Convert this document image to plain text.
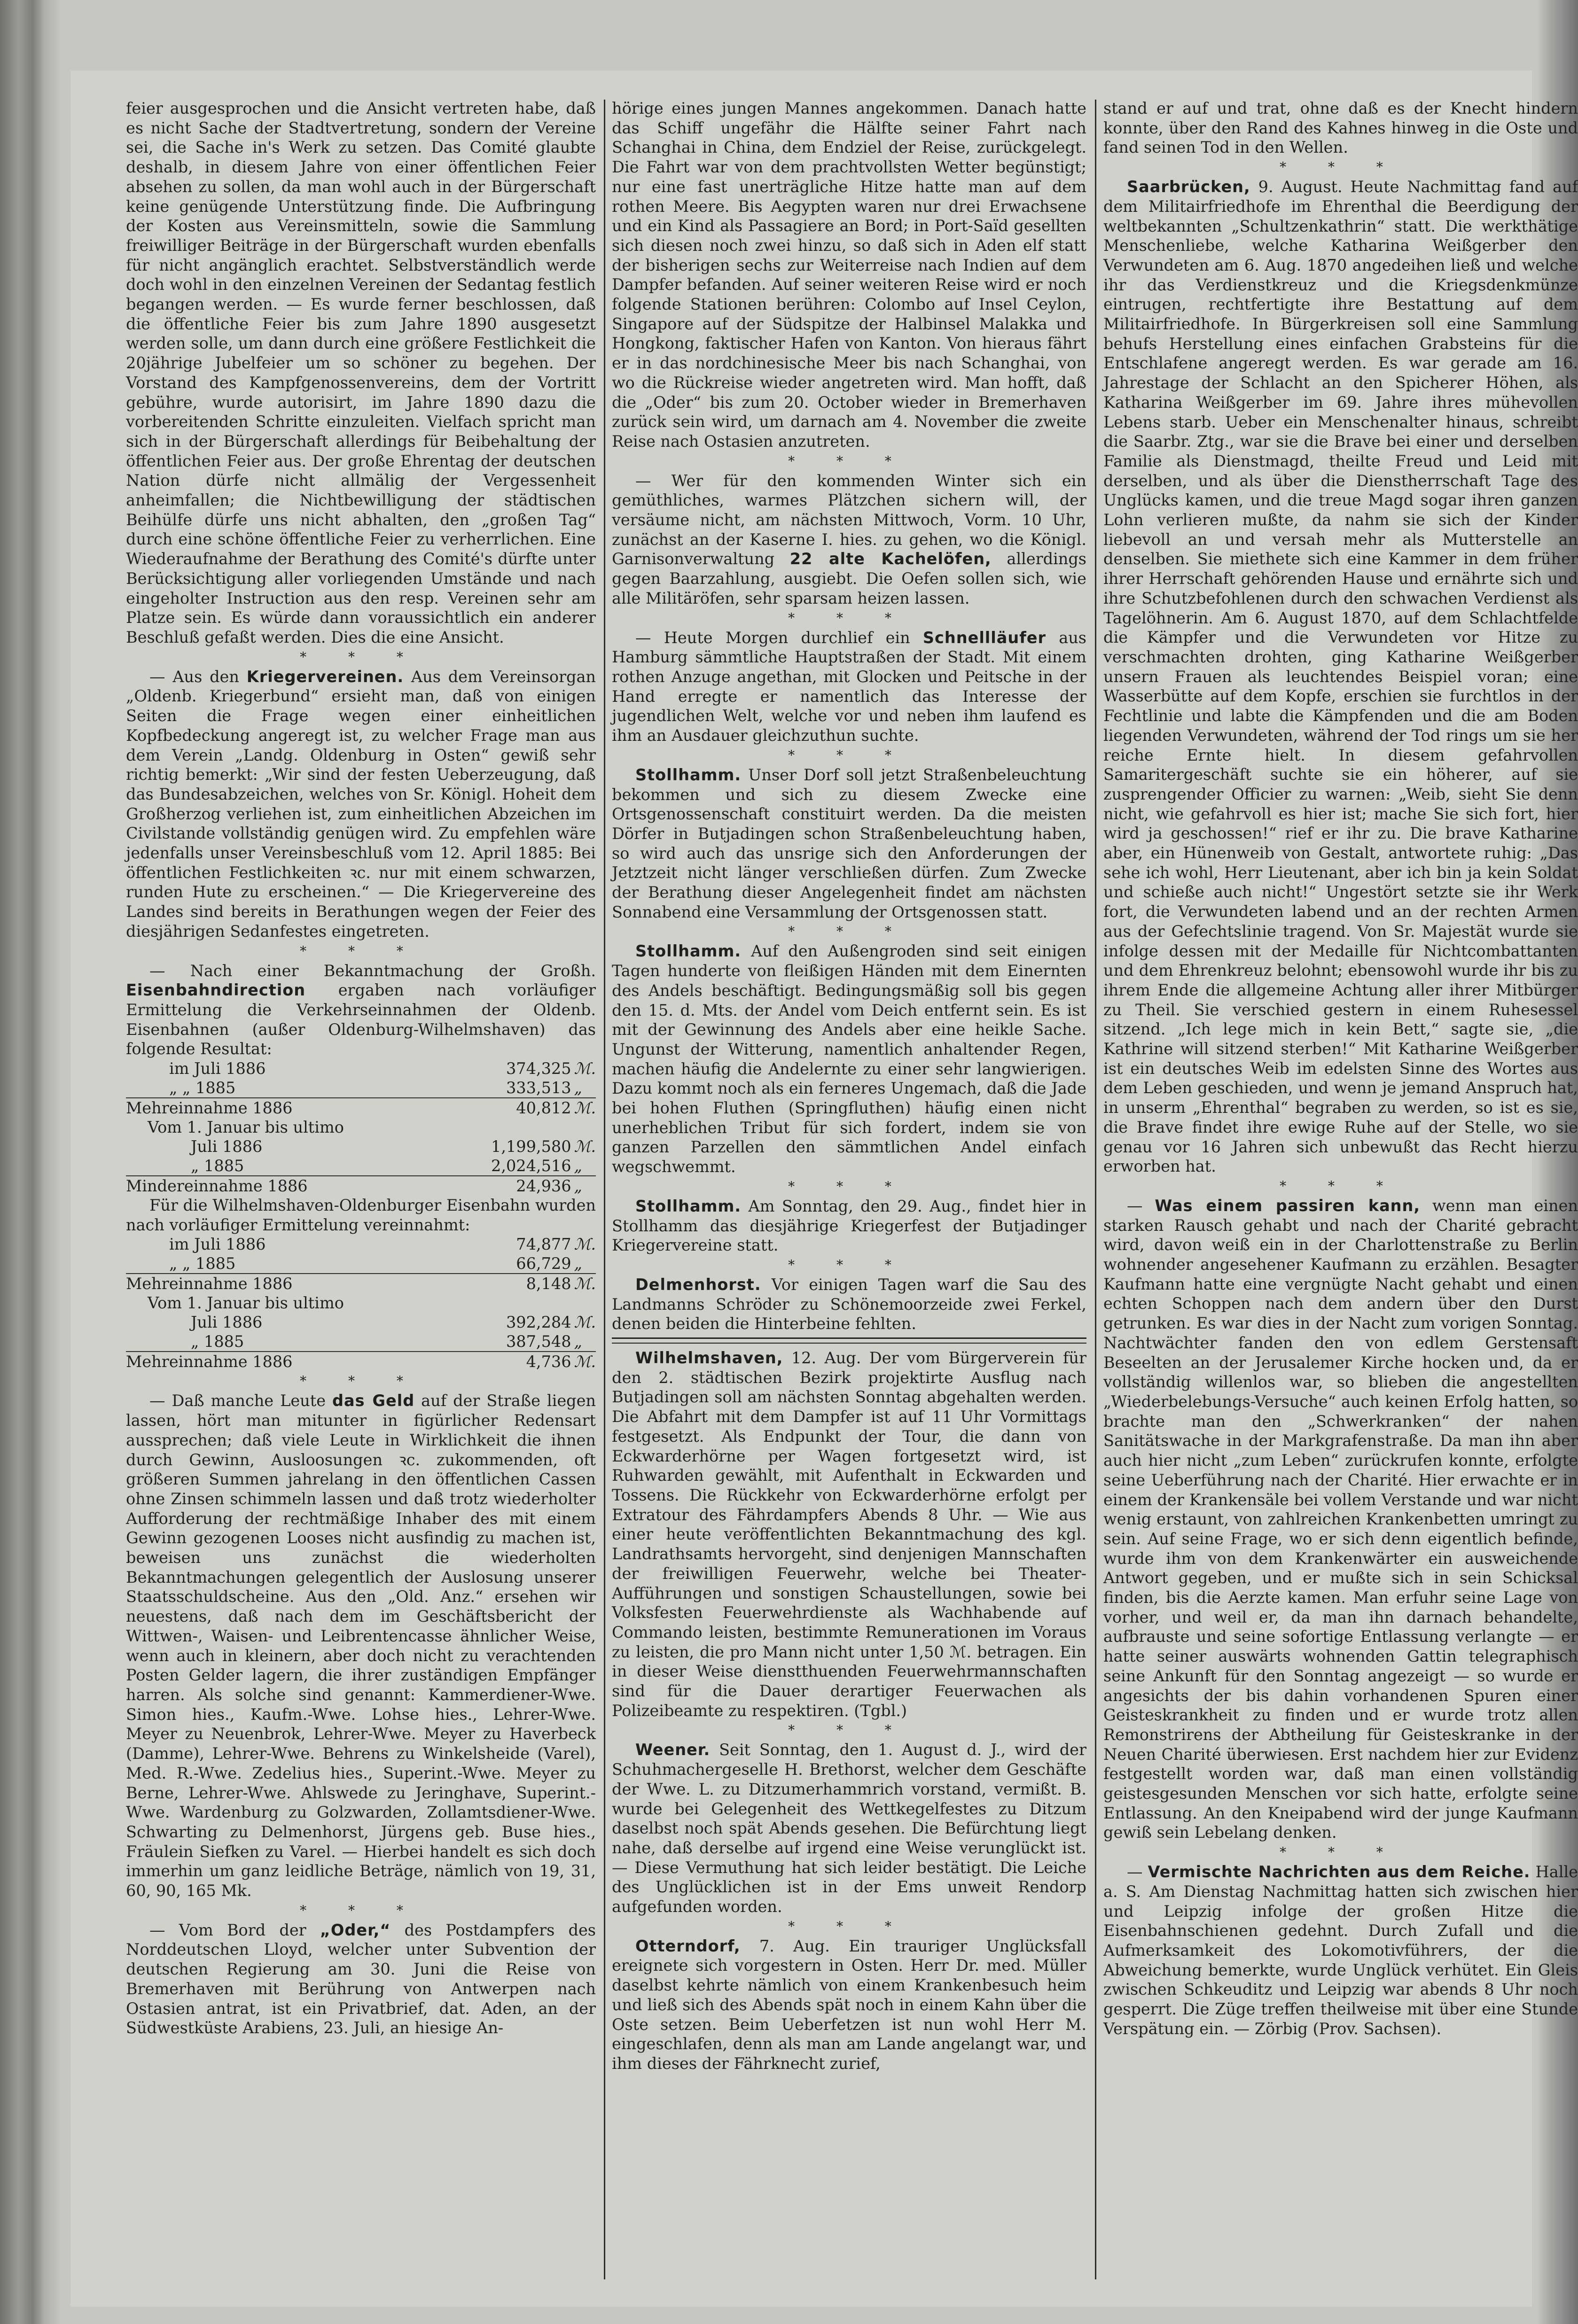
feier ausgesprochen und die Ansicht vertreten habe, daß es nicht Sache der Stadtvertretung, sondern der Vereine sei, die Sache in's Werk zu setzen. Das Comité glaubte deshalb, in diesem Jahre von einer öffentlichen Feier absehen zu sollen, da man wohl auch in der Bürgerschaft keine genügende Unterstützung finde. Die Aufbringung der Kosten aus Vereinsmitteln, sowie die Sammlung freiwilliger Beiträge in der Bürgerschaft wurden ebenfalls für nicht angänglich erachtet. Selbstverständlich werde doch wohl in den einzelnen Vereinen der Sedantag festlich begangen werden. — Es wurde ferner beschlossen, daß die öffentliche Feier bis zum Jahre 1890 ausgesetzt werden solle, um dann durch eine größere Festlichkeit die 20jährige Jubelfeier um so schöner zu begehen. Der Vorstand des Kampfgenossenvereins, dem der Vortritt gebühre, wurde autorisirt, im Jahre 1890 dazu die vorbereitenden Schritte einzuleiten. Vielfach spricht man sich in der Bürgerschaft allerdings für Beibehaltung der öffentlichen Feier aus. Der große Ehrentag der deutschen Nation dürfe nicht allmälig der Vergessenheit anheimfallen; die Nichtbewilligung der städtischen Beihülfe dürfe uns nicht abhalten, den „großen Tag“ durch eine schöne öffentliche Feier zu verherrlichen. Eine Wiederaufnahme der Berathung des Comité's dürfte unter Berücksichtigung aller vorliegenden Umstände und nach eingeholter Instruction aus den resp. Vereinen sehr am Platze sein. Es würde dann voraussichtlich ein anderer Beschluß gefaßt werden. Dies die eine Ansicht.

* * *

— Aus den Kriegervereinen. Aus dem Vereinsorgan „Oldenb. Kriegerbund“ ersieht man, daß von einigen Seiten die Frage wegen einer einheitlichen Kopfbedeckung angeregt ist, zu welcher Frage man aus dem Verein „Landg. Oldenburg in Osten“ gewiß sehr richtig bemerkt: „Wir sind der festen Ueberzeugung, daß das Bundesabzeichen, welches von Sr. Königl. Hoheit dem Großherzog verliehen ist, zum einheitlichen Abzeichen im Civilstande vollständig genügen wird. Zu empfehlen wäre jedenfalls unser Vereinsbeschluß vom 12. April 1885: Bei öffentlichen Festlichkeiten ꝛc. nur mit einem schwarzen, runden Hute zu erscheinen.“ — Die Kriegervereine des Landes sind bereits in Berathungen wegen der Feier des diesjährigen Sedanfestes eingetreten.

* * *

— Nach einer Bekanntmachung der Großh. Eisenbahndirection ergaben nach vorläufiger Ermittelung die Verkehrseinnahmen der Oldenb. Eisenbahnen (außer Oldenburg-Wilhelmshaven) das folgende Resultat:

im Juli 1886	374,325	ℳ.
„ „ 1885	333,513	„
Mehreinnahme 1886	40,812	ℳ.
Vom 1. Januar bis ultimo		
Juli 1886	1,199,580	ℳ.
„ 1885	2,024,516	„
Mindereinnahme 1886	24,936	„

Für die Wilhelmshaven-Oldenburger Eisenbahn wurden nach vorläufiger Ermittelung vereinnahmt:

im Juli 1886	74,877	ℳ.
„ „ 1885	66,729	„
Mehreinnahme 1886	8,148	ℳ.
Vom 1. Januar bis ultimo		
Juli 1886	392,284	ℳ.
„ 1885	387,548	„
Mehreinnahme 1886	4,736	ℳ.
* * *

— Daß manche Leute das Geld auf der Straße liegen lassen, hört man mitunter in figürlicher Redensart aussprechen; daß viele Leute in Wirklichkeit die ihnen durch Gewinn, Ausloosungen ꝛc. zukommenden, oft größeren Summen jahrelang in den öffentlichen Cassen ohne Zinsen schimmeln lassen und daß trotz wiederholter Aufforderung der rechtmäßige Inhaber des mit einem Gewinn gezogenen Looses nicht ausfindig zu machen ist, beweisen uns zunächst die wiederholten Bekanntmachungen gelegentlich der Auslosung unserer Staatsschuldscheine. Aus den „Old. Anz.“ ersehen wir neuestens, daß nach dem im Geschäftsbericht der Wittwen-, Waisen- und Leibrentencasse ähnlicher Weise, wenn auch in kleinern, aber doch nicht zu verachtenden Posten Gelder lagern, die ihrer zuständigen Empfänger harren. Als solche sind genannt: Kammerdiener-Wwe. Simon hies., Kaufm.-Wwe. Lohse hies., Lehrer-Wwe. Meyer zu Neuenbrok, Lehrer-Wwe. Meyer zu Haverbeck (Damme), Lehrer-Wwe. Behrens zu Winkelsheide (Varel), Med. R.-Wwe. Zedelius hies., Superint.-Wwe. Meyer zu Berne, Lehrer-Wwe. Ahlswede zu Jeringhave, Superint.-Wwe. Wardenburg zu Golzwarden, Zollamtsdiener-Wwe. Schwarting zu Delmenhorst, Jürgens geb. Buse hies., Fräulein Siefken zu Varel. — Hierbei handelt es sich doch immerhin um ganz leidliche Beträge, nämlich von 19, 31, 60, 90, 165 Mk.

* * *

— Vom Bord der „Oder,“ des Postdampfers des Norddeutschen Lloyd, welcher unter Subvention der deutschen Regierung am 30. Juni die Reise von Bremerhaven mit Berührung von Antwerpen nach Ostasien antrat, ist ein Privatbrief, dat. Aden, an der Südwestküste Arabiens, 23. Juli, an hiesige An-

hörige eines jungen Mannes angekommen. Danach hatte das Schiff ungefähr die Hälfte seiner Fahrt nach Schanghai in China, dem Endziel der Reise, zurückgelegt. Die Fahrt war von dem prachtvollsten Wetter begünstigt; nur eine fast unerträgliche Hitze hatte man auf dem rothen Meere. Bis Aegypten waren nur drei Erwachsene und ein Kind als Passagiere an Bord; in Port-Saïd gesellten sich diesen noch zwei hinzu, so daß sich in Aden elf statt der bisherigen sechs zur Weiterreise nach Indien auf dem Dampfer befanden. Auf seiner weiteren Reise wird er noch folgende Stationen berühren: Colombo auf Insel Ceylon, Singapore auf der Südspitze der Halbinsel Malakka und Hongkong, faktischer Hafen von Kanton. Von hieraus fährt er in das nordchinesische Meer bis nach Schanghai, von wo die Rückreise wieder angetreten wird. Man hofft, daß die „Oder“ bis zum 20. October wieder in Bremerhaven zurück sein wird, um darnach am 4. November die zweite Reise nach Ostasien anzutreten.

* * *

— Wer für den kommenden Winter sich ein gemüthliches, warmes Plätzchen sichern will, der versäume nicht, am nächsten Mittwoch, Vorm. 10 Uhr, zunächst an der Kaserne I. hies. zu gehen, wo die Königl. Garnisonverwaltung 22 alte Kachelöfen, allerdings gegen Baarzahlung, ausgiebt. Die Oefen sollen sich, wie alle Militäröfen, sehr sparsam heizen lassen.

* * *

— Heute Morgen durchlief ein Schnellläufer aus Hamburg sämmtliche Hauptstraßen der Stadt. Mit einem rothen Anzuge angethan, mit Glocken und Peitsche in der Hand erregte er namentlich das Interesse der jugendlichen Welt, welche vor und neben ihm laufend es ihm an Ausdauer gleichzuthun suchte.

* * *

Stollhamm. Unser Dorf soll jetzt Straßenbeleuchtung bekommen und sich zu diesem Zwecke eine Ortsgenossenschaft constituirt werden. Da die meisten Dörfer in Butjadingen schon Straßenbeleuchtung haben, so wird auch das unsrige sich den Anforderungen der Jetztzeit nicht länger verschließen dürfen. Zum Zwecke der Berathung dieser Angelegenheit findet am nächsten Sonnabend eine Versammlung der Ortsgenossen statt.

* * *

Stollhamm. Auf den Außengroden sind seit einigen Tagen hunderte von fleißigen Händen mit dem Einernten des Andels beschäftigt. Bedingungsmäßig soll bis gegen den 15. d. Mts. der Andel vom Deich entfernt sein. Es ist mit der Gewinnung des Andels aber eine heikle Sache. Ungunst der Witterung, namentlich anhaltender Regen, machen häufig die Andelernte zu einer sehr langwierigen. Dazu kommt noch als ein ferneres Ungemach, daß die Jade bei hohen Fluthen (Springfluthen) häufig einen nicht unerheblichen Tribut für sich fordert, indem sie von ganzen Parzellen den sämmtlichen Andel einfach wegschwemmt.

* * *

Stollhamm. Am Sonntag, den 29. Aug., findet hier in Stollhamm das diesjährige Kriegerfest der Butjadinger Kriegervereine statt.

* * *

Delmenhorst. Vor einigen Tagen warf die Sau des Landmanns Schröder zu Schönemoorzeide zwei Ferkel, denen beiden die Hinterbeine fehlten.

Wilhelmshaven, 12. Aug. Der vom Bürgerverein für den 2. städtischen Bezirk projektirte Ausflug nach Butjadingen soll am nächsten Sonntag abgehalten werden. Die Abfahrt mit dem Dampfer ist auf 11 Uhr Vormittags festgesetzt. Als Endpunkt der Tour, die dann von Eckwarderhörne per Wagen fortgesetzt wird, ist Ruhwarden gewählt, mit Aufenthalt in Eckwarden und Tossens. Die Rückkehr von Eckwarderhörne erfolgt per Extratour des Fährdampfers Abends 8 Uhr. — Wie aus einer heute veröffentlichten Bekanntmachung des kgl. Landrathsamts hervorgeht, sind denjenigen Mannschaften der freiwilligen Feuerwehr, welche bei Theater-Aufführungen und sonstigen Schaustellungen, sowie bei Volksfesten Feuerwehrdienste als Wachhabende auf Commando leisten, bestimmte Remunerationen im Voraus zu leisten, die pro Mann nicht unter 1,50 ℳ. betragen. Ein in dieser Weise dienstthuenden Feuerwehrmannschaften sind für die Dauer derartiger Feuerwachen als Polizeibeamte zu respektiren. (Tgbl.)

* * *

Weener. Seit Sonntag, den 1. August d. J., wird der Schuhmachergeselle H. Brethorst, welcher dem Geschäfte der Wwe. L. zu Ditzumerhammrich vorstand, vermißt. B. wurde bei Gelegenheit des Wettkegelfestes zu Ditzum daselbst noch spät Abends gesehen. Die Befürchtung liegt nahe, daß derselbe auf irgend eine Weise verunglückt ist. — Diese Vermuthung hat sich leider bestätigt. Die Leiche des Unglücklichen ist in der Ems unweit Rendorp aufgefunden worden.

* * *

Otterndorf, 7. Aug. Ein trauriger Unglücksfall ereignete sich vorgestern in Osten. Herr Dr. med. Müller daselbst kehrte nämlich von einem Krankenbesuch heim und ließ sich des Abends spät noch in einem Kahn über die Oste setzen. Beim Ueberfetzen ist nun wohl Herr M. eingeschlafen, denn als man am Lande angelangt war, und ihm dieses der Fährknecht zurief,

stand er auf und trat, ohne daß es der Knecht hindern konnte, über den Rand des Kahnes hinweg in die Oste und fand seinen Tod in den Wellen.

* * *

Saarbrücken, 9. August. Heute Nachmittag fand auf dem Militairfriedhofe im Ehrenthal die Beerdigung der weltbekannten „Schultzenkathrin“ statt. Die werkthätige Menschenliebe, welche Katharina Weißgerber den Verwundeten am 6. Aug. 1870 angedeihen ließ und welche ihr das Verdienstkreuz und die Kriegsdenkmünze eintrugen, rechtfertigte ihre Bestattung auf dem Militairfriedhofe. In Bürgerkreisen soll eine Sammlung behufs Herstellung eines einfachen Grabsteins für die Entschlafene angeregt werden. Es war gerade am 16. Jahrestage der Schlacht an den Spicherer Höhen, als Katharina Weißgerber im 69. Jahre ihres mühevollen Lebens starb. Ueber ein Menschenalter hinaus, schreibt die Saarbr. Ztg., war sie die Brave bei einer und derselben Familie als Dienstmagd, theilte Freud und Leid mit derselben, und als über die Dienstherrschaft Tage des Unglücks kamen, und die treue Magd sogar ihren ganzen Lohn verlieren mußte, da nahm sie sich der Kinder liebevoll an und versah mehr als Mutterstelle an denselben. Sie miethete sich eine Kammer in dem früher ihrer Herrschaft gehörenden Hause und ernährte sich und ihre Schutzbefohlenen durch den schwachen Verdienst als Tagelöhnerin. Am 6. August 1870, auf dem Schlachtfelde die Kämpfer und die Verwundeten vor Hitze zu verschmachten drohten, ging Katharine Weißgerber unsern Frauen als leuchtendes Beispiel voran; eine Wasserbütte auf dem Kopfe, erschien sie furchtlos in der Fechtlinie und labte die Kämpfenden und die am Boden liegenden Verwundeten, während der Tod rings um sie her reiche Ernte hielt. In diesem gefahrvollen Samaritergeschäft suchte sie ein höherer, auf sie zusprengender Officier zu warnen: „Weib, sieht Sie denn nicht, wie gefahrvoll es hier ist; mache Sie sich fort, hier wird ja geschossen!“ rief er ihr zu. Die brave Katharine aber, ein Hünenweib von Gestalt, antwortete ruhig: „Das sehe ich wohl, Herr Lieutenant, aber ich bin ja kein Soldat und schieße auch nicht!“ Ungestört setzte sie ihr Werk fort, die Verwundeten labend und an der rechten Armen aus der Gefechtslinie tragend. Von Sr. Majestät wurde sie infolge dessen mit der Medaille für Nichtcombattanten und dem Ehrenkreuz belohnt; ebensowohl wurde ihr bis zu ihrem Ende die allgemeine Achtung aller ihrer Mitbürger zu Theil. Sie verschied gestern in einem Ruhesessel sitzend. „Ich lege mich in kein Bett,“ sagte sie, „die Kathrine will sitzend sterben!“ Mit Katharine Weißgerber ist ein deutsches Weib im edelsten Sinne des Wortes aus dem Leben geschieden, und wenn je jemand Anspruch hat, in unserm „Ehrenthal“ begraben zu werden, so ist es sie, die Brave findet ihre ewige Ruhe auf der Stelle, wo sie genau vor 16 Jahren sich unbewußt das Recht hierzu erworben hat.

* * *

— Was einem passiren kann, wenn man einen starken Rausch gehabt und nach der Charité gebracht wird, davon weiß ein in der Charlottenstraße zu Berlin wohnender angesehener Kaufmann zu erzählen. Besagter Kaufmann hatte eine vergnügte Nacht gehabt und einen echten Schoppen nach dem andern über den Durst getrunken. Es war dies in der Nacht zum vorigen Sonntag. Nachtwächter fanden den von edlem Gerstensaft Beseelten an der Jerusalemer Kirche hocken und, da er vollständig willenlos war, so blieben die angestellten „Wiederbelebungs-Versuche“ auch keinen Erfolg hatten, so brachte man den „Schwerkranken“ der nahen Sanitätswache in der Markgrafenstraße. Da man ihn aber auch hier nicht „zum Leben“ zurückrufen konnte, erfolgte seine Ueberführung nach der Charité. Hier erwachte er in einem der Krankensäle bei vollem Verstande und war nicht wenig erstaunt, von zahlreichen Krankenbetten umringt zu sein. Auf seine Frage, wo er sich denn eigentlich befinde, wurde ihm von dem Krankenwärter ein ausweichende Antwort gegeben, und er mußte sich in sein Schicksal finden, bis die Aerzte kamen. Man erfuhr seine Lage von vorher, und weil er, da man ihn darnach behandelte, aufbrauste und seine sofortige Entlassung verlangte — er hatte seiner auswärts wohnenden Gattin telegraphisch seine Ankunft für den Sonntag angezeigt — so wurde er angesichts der bis dahin vorhandenen Spuren einer Geisteskrankheit zu finden und er wurde trotz allen Remonstrirens der Abtheilung für Geisteskranke in der Neuen Charité überwiesen. Erst nachdem hier zur Evidenz festgestellt worden war, daß man einen vollständig geistesgesunden Menschen vor sich hatte, erfolgte seine Entlassung. An den Kneipabend wird der junge Kaufmann gewiß sein Lebelang denken.

* * *

— Vermischte Nachrichten aus dem Reiche. Halle a. S. Am Dienstag Nachmittag hatten sich zwischen hier und Leipzig infolge der großen Hitze die Eisenbahnschienen gedehnt. Durch Zufall und die Aufmerksamkeit des Lokomotivführers, der die Abweichung bemerkte, wurde Unglück verhütet. Ein Gleis zwischen Schkeuditz und Leipzig war abends 8 Uhr noch gesperrt. Die Züge treffen theilweise mit über eine Stunde Verspätung ein. — Zörbig (Prov. Sachsen).
